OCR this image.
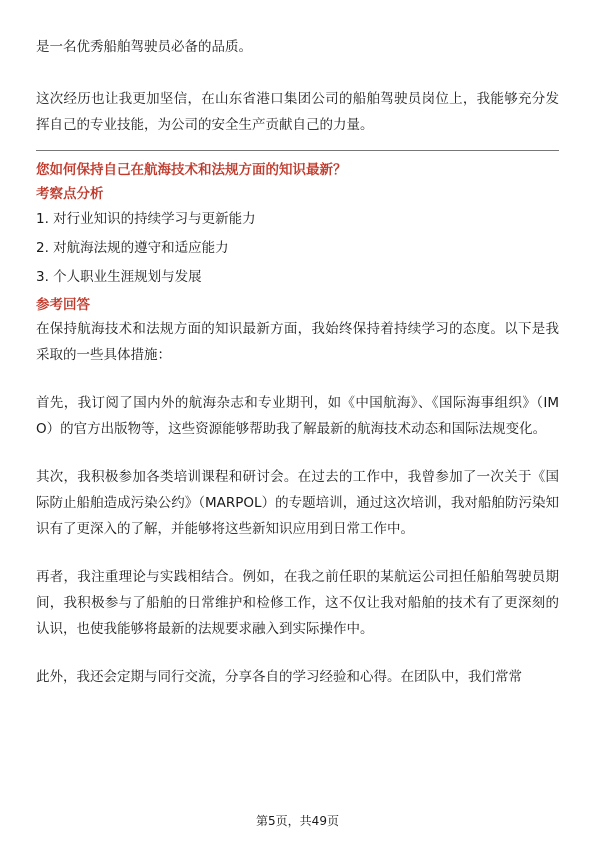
是一名优秀船舶驾驶员必备的品质。

这次经历也让我更加坚信，在山东省港口集团公司的船舶驾驶员岗位上，我能够充分发挥自己的专业技能，为公司的安全生产贡献自己的力量。

您如何保持自己在航海技术和法规方面的知识最新？

考察点分析

1. 对行业知识的持续学习与更新能力

2. 对航海法规的遵守和适应能力

3. 个人职业生涯规划与发展

参考回答

在保持航海技术和法规方面的知识最新方面，我始终保持着持续学习的态度。以下是我采取的一些具体措施：

首先，我订阅了国内外的航海杂志和专业期刊，如《中国航海》、《国际海事组织》（IMO）的官方出版物等，这些资源能够帮助我了解最新的航海技术动态和国际法规变化。

其次，我积极参加各类培训课程和研讨会。在过去的工作中，我曾参加了一次关于《国际防止船舶造成污染公约》（MARPOL）的专题培训，通过这次培训，我对船舶防污染知识有了更深入的了解，并能够将这些新知识应用到日常工作中。

再者，我注重理论与实践相结合。例如，在我之前任职的某航运公司担任船舶驾驶员期间，我积极参与了船舶的日常维护和检修工作，这不仅让我对船舶的技术有了更深刻的认识，也使我能够将最新的法规要求融入到实际操作中。

此外，我还会定期与同行交流，分享各自的学习经验和心得。在团队中，我们常常

第5页，共49页
